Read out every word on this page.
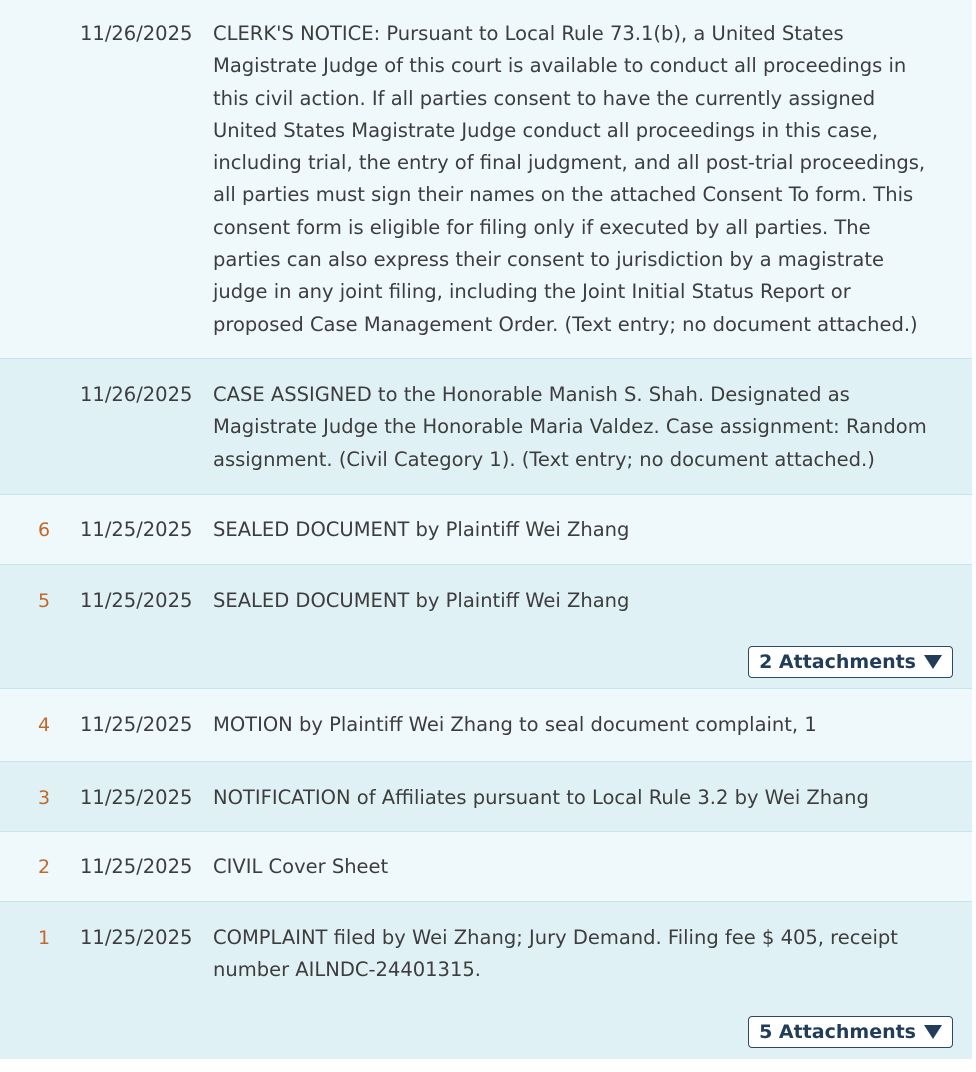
11/26/2025 CLERK'S NOTICE: Pursuant to Local Rule 73.1(b), a United States
Magistrate Judge of this court is available to conduct all proceedings in
this civil action. If all parties consent to have the currently assigned
United States Magistrate Judge conduct all proceedings in this case,
including trial, the entry of final judgment, and all post-trial proceedings,
all parties must sign their names on the attached Consent To form. This
consent form is eligible for filing only if executed by all parties. The
parties can also express their consent to jurisdiction by a magistrate
judge in any joint filing, including the Joint Initial Status Report or
proposed Case Management Order. (Text entry; no document attached.)
11/26/2025 CASE ASSIGNED to the Honorable Manish S. Shah. Designated as
Magistrate Judge the Honorable Maria Valdez. Case assignment: Random
assignment. (Civil Category 1). (Text entry; no document attached.)
6 11/25/2025 SEALED DOCUMENT by Plaintiff Wei Zhang
5 11/25/2025 SEALED DOCUMENT by Plaintiff Wei Zhang
2 Attachments
4 11/25/2025 MOTION by Plaintiff Wei Zhang to seal document complaint, 1
3 11/25/2025 NOTIFICATION of Affiliates pursuant to Local Rule 3.2 by Wei Zhang
2 11/25/2025 CIVIL Cover Sheet
1 11/25/2025 COMPLAINT filed by Wei Zhang; Jury Demand. Filing fee $ 405, receipt
number AILNDC-24401315.
5 Attachments
